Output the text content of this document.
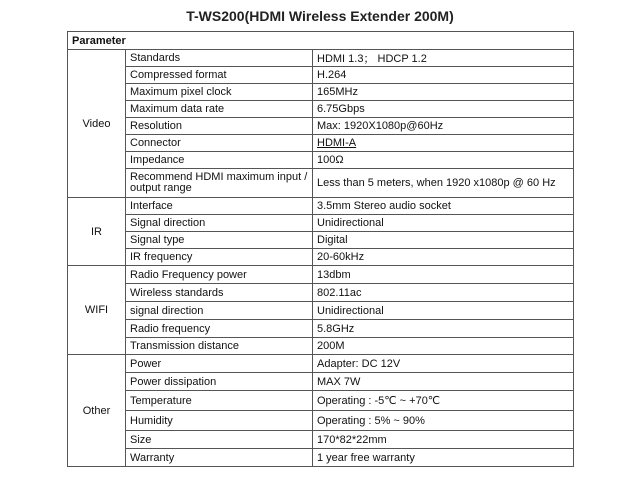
T-WS200(HDMI Wireless Extender 200M)
Parameter		
Video	Standards	HDMI 1.3； HDCP 1.2
	Compressed format	H.264
	Maximum pixel clock	165MHz
	Maximum data rate	6.75Gbps
	Resolution	Max: 1920X1080p@60Hz
	Connector	HDMI-A
	Impedance	100Ω
	Recommend HDMI maximum input / output range	Less than 5 meters, when 1920 x1080p @ 60 Hz
IR	Interface	3.5mm Stereo audio socket
	Signal direction	Unidirectional
	Signal type	Digital
	IR frequency	20-60kHz
WIFI	Radio Frequency power	13dbm
	Wireless standards	802.11ac
	signal direction	Unidirectional
	Radio frequency	5.8GHz
	Transmission distance	200M
Other	Power	Adapter: DC 12V
	Power dissipation	MAX 7W
	Temperature	Operating : -5℃ ~ +70℃
	Humidity	Operating : 5% ~ 90%
	Size	170*82*22mm
	Warranty	1 year free warranty
